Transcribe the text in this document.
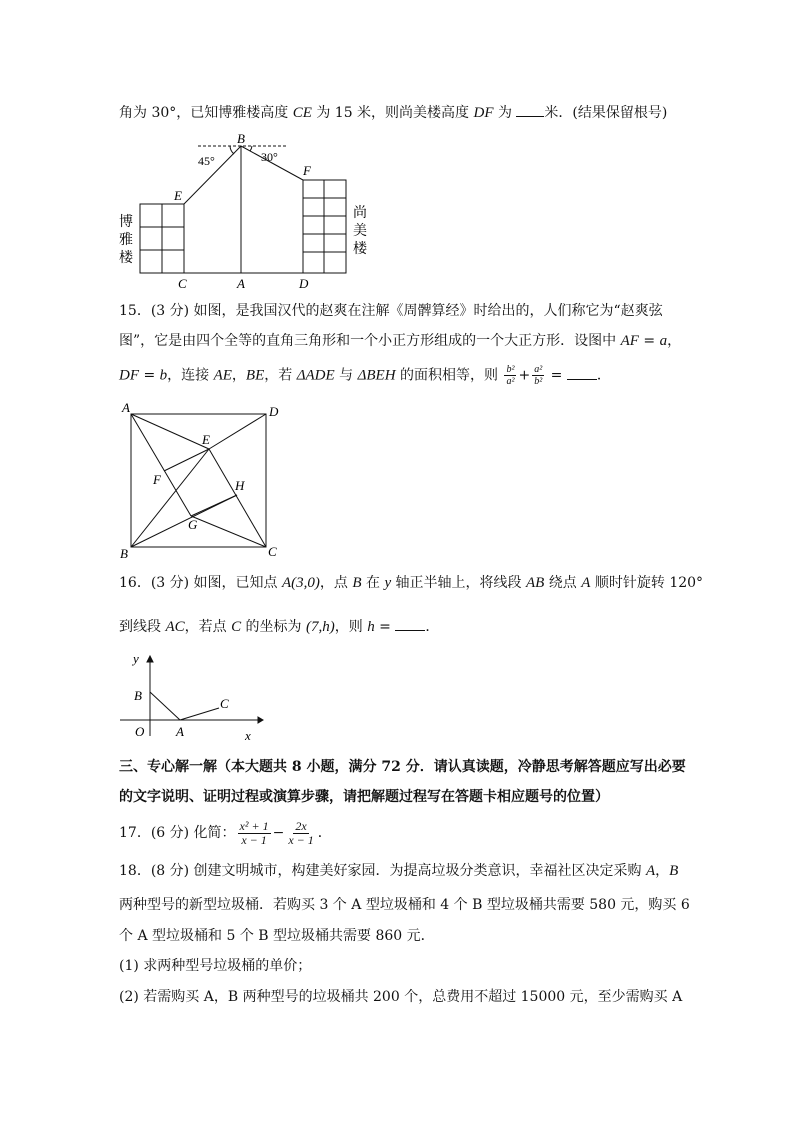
角为 30°，已知博雅楼高度 CE 为 15 米，则尚美楼高度 DF 为 米．(结果保留根号)
B
45°	30°
E
F
C	A	D
博
雅
楼
尚
美
楼
15．(3 分) 如图，是我国汉代的赵爽在注解《周髀算经》时给出的，人们称它为“赵爽弦
图”，它是由四个全等的直角三角形和一个小正方形组成的一个大正方形．设图中 AF = a，
DF = b，连接 AE，BE，若 ΔADE 与 ΔBEH 的面积相等，则 $\frac{\text{b²}}{\text{a²}} + \frac{\text{a²}}{\text{b²}}$ = ．
A	D
E
F	H
G
B	C
16．(3 分) 如图，已知点 A(3,0)，点 B 在 y 轴正半轴上，将线段 AB 绕点 A 顺时针旋转 120°
到线段 AC，若点 C 的坐标为 (7,h)，则 h = ．
y
x
O
B
A
C
三、专心解一解（本大题共 8 小题，满分 72 分．请认真读题，冷静思考解答题应写出必要
的文字说明、证明过程或演算步骤，请把解题过程写在答题卡相应题号的位置）
17．(6 分) 化简： $\frac{\text{x² + 1}}{x - 1} - \frac{2x}{x - 1}$ ．
18．(8 分) 创建文明城市，构建美好家园．为提高垃圾分类意识，幸福社区决定采购 A，B
两种型号的新型垃圾桶．若购买 3 个 A 型垃圾桶和 4 个 B 型垃圾桶共需要 580 元，购买 6
个 A 型垃圾桶和 5 个 B 型垃圾桶共需要 860 元．
(1) 求两种型号垃圾桶的单价；
(2) 若需购买 A，B 两种型号的垃圾桶共 200 个，总费用不超过 15000 元，至少需购买 A
